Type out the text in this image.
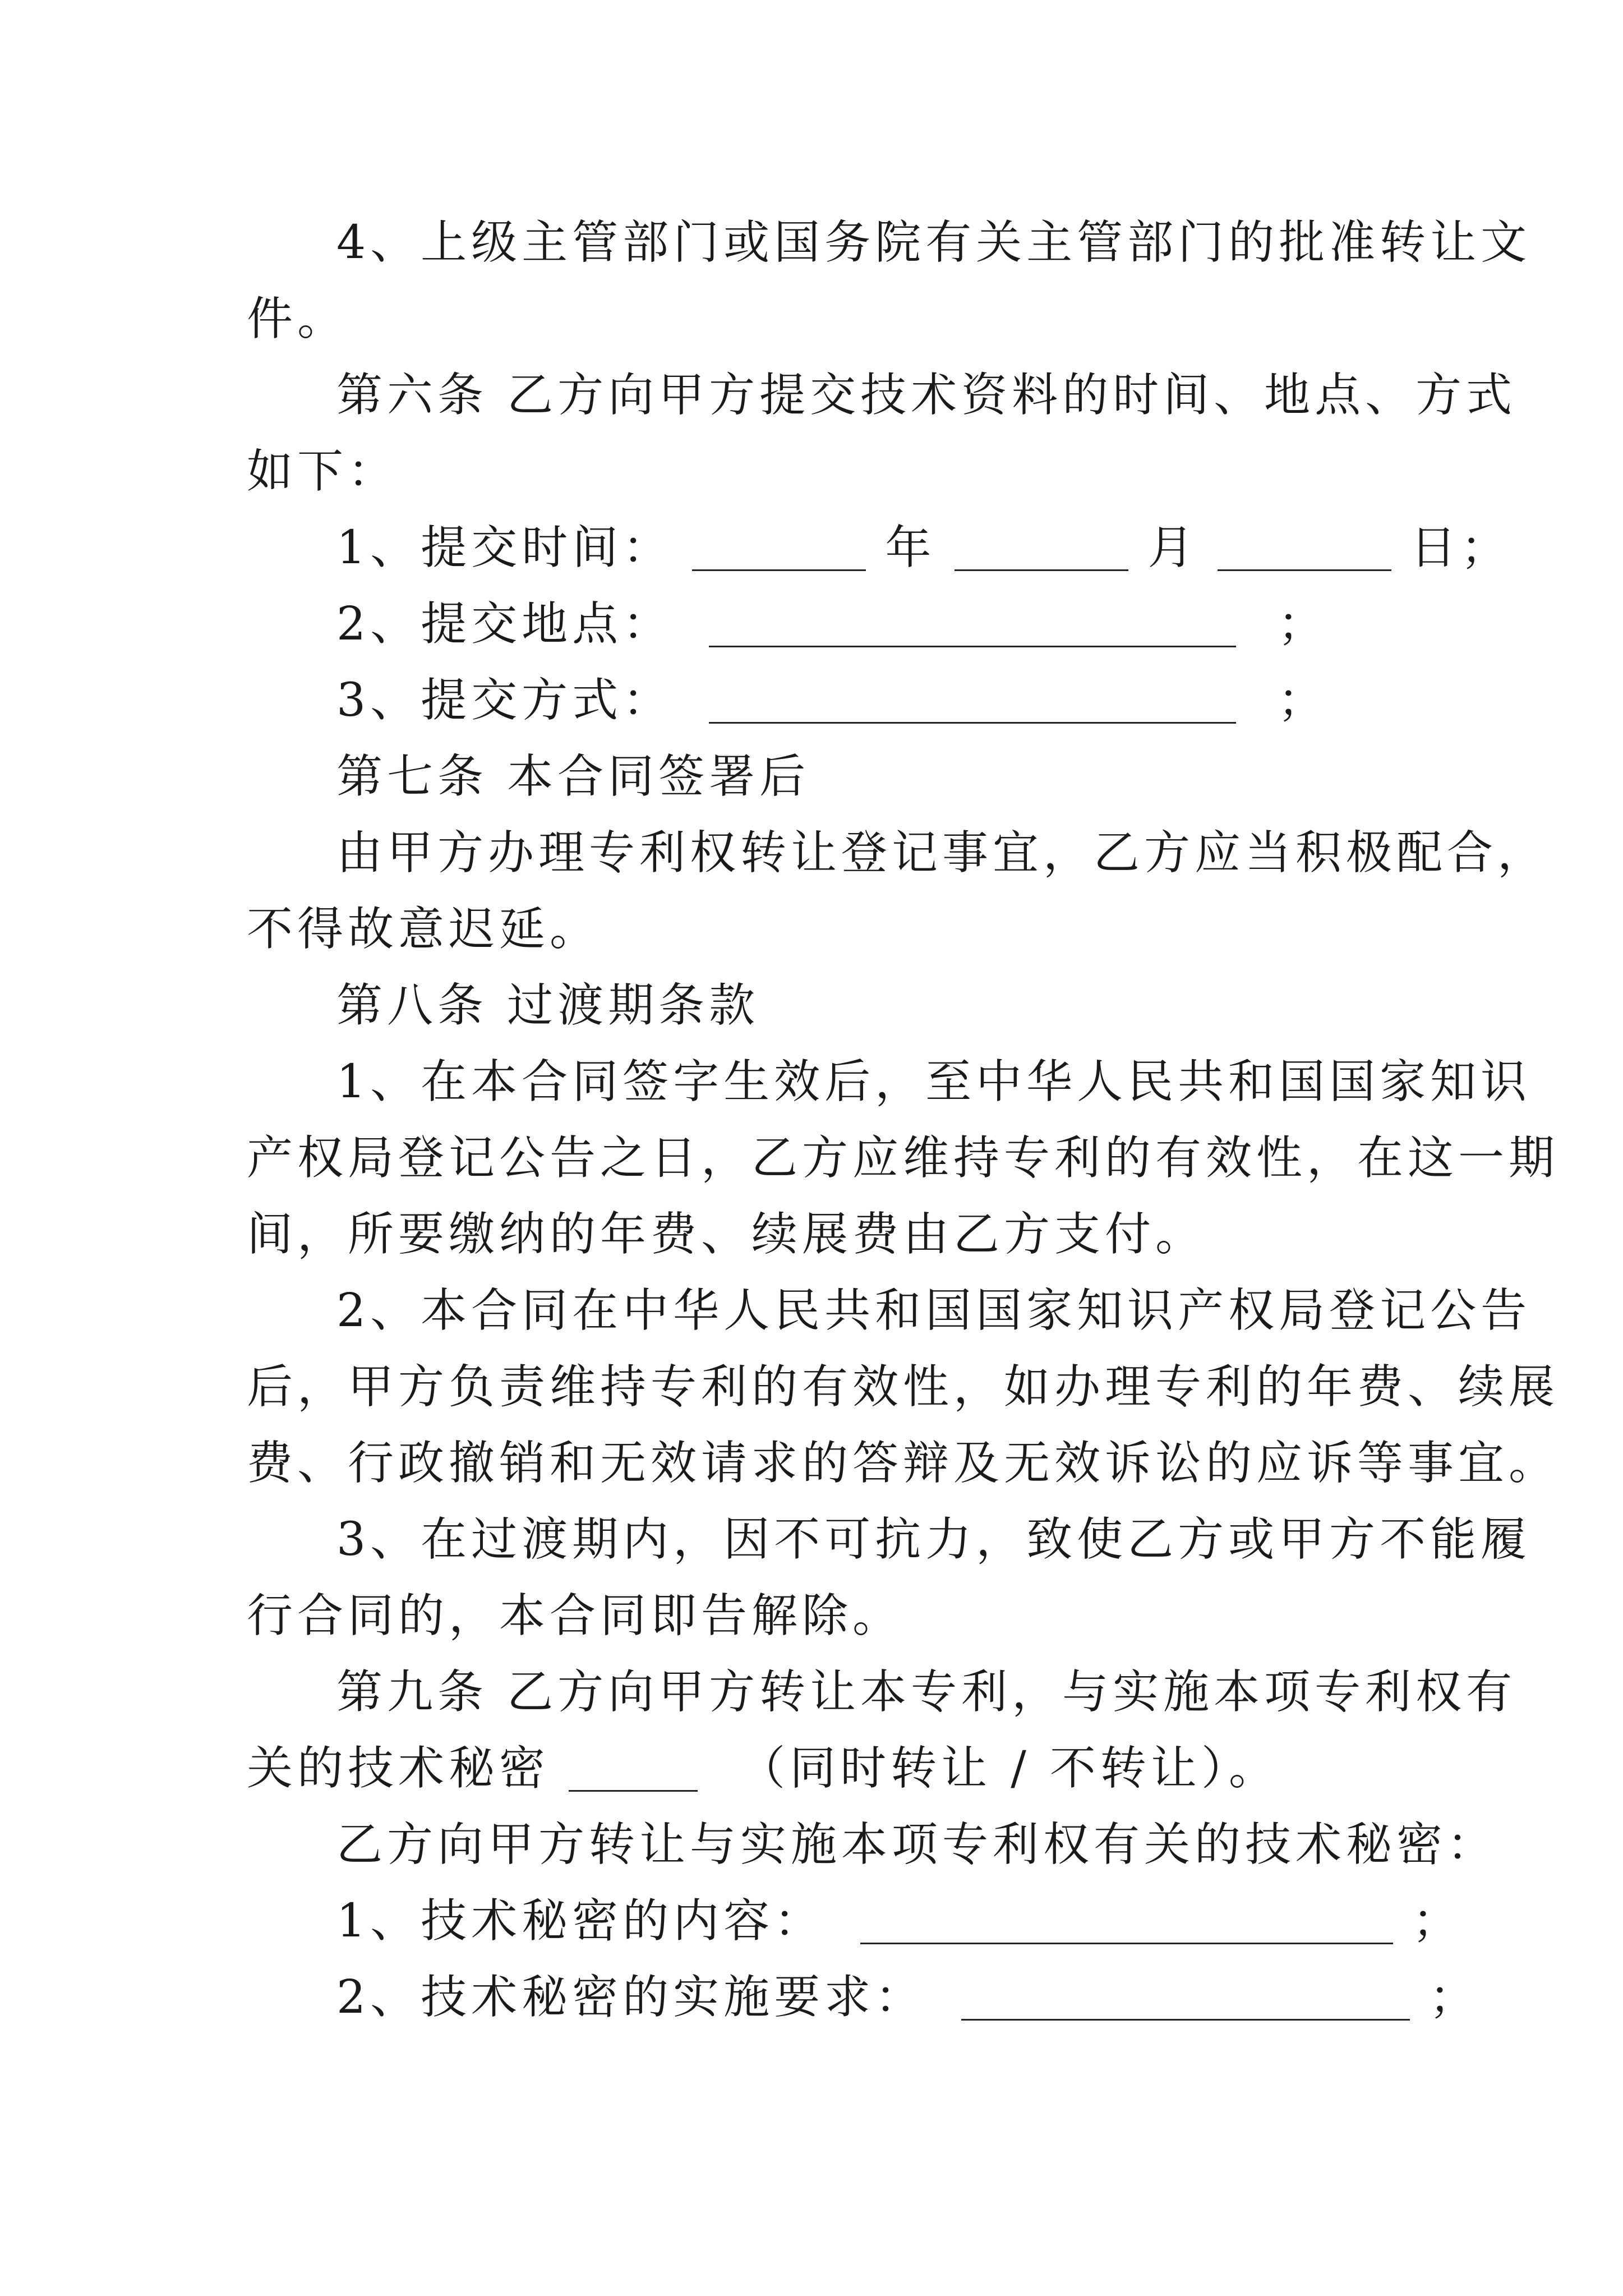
4、上级主管部门或国务院有关主管部门的批准转让文
件。
第六条 乙方向甲方提交技术资料的时间、地点、方式
如下：
1、提交时间：	年	月	日；
2、提交地点：	；
3、提交方式：	；
第七条 本合同签署后
由甲方办理专利权转让登记事宜，乙方应当积极配合，
不得故意迟延。
第八条 过渡期条款
1、在本合同签字生效后，至中华人民共和国国家知识
产权局登记公告之日，乙方应维持专利的有效性，在这一期
间，所要缴纳的年费、续展费由乙方支付。
2、本合同在中华人民共和国国家知识产权局登记公告
后，甲方负责维持专利的有效性，如办理专利的年费、续展
费、行政撤销和无效请求的答辩及无效诉讼的应诉等事宜。
3、在过渡期内，因不可抗力，致使乙方或甲方不能履
行合同的，本合同即告解除。
第九条 乙方向甲方转让本专利，与实施本项专利权有
关的技术秘密	（同时转让 / 不转让）。
乙方向甲方转让与实施本项专利权有关的技术秘密：
1、技术秘密的内容：	；
2、技术秘密的实施要求：	；
